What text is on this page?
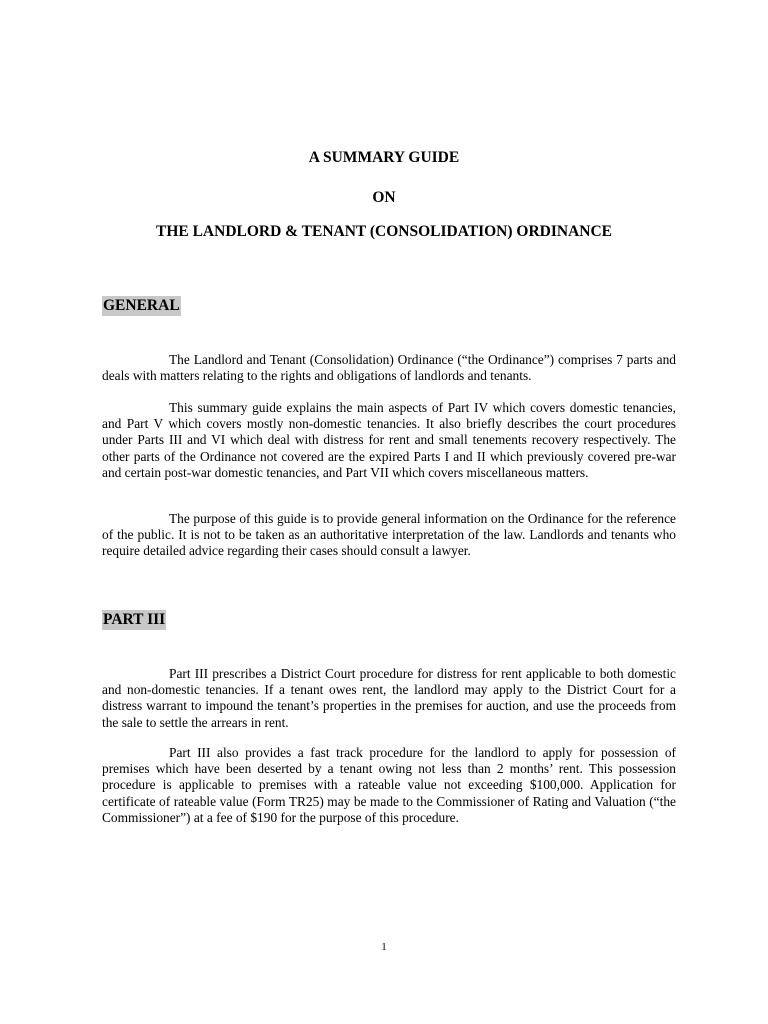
A SUMMARY GUIDE

ON

THE LANDLORD & TENANT (CONSOLIDATION) ORDINANCE

GENERAL

The Landlord and Tenant (Consolidation) Ordinance (“the Ordinance”) comprises 7 parts and deals with matters relating to the rights and obligations of landlords and tenants.

This summary guide explains the main aspects of Part IV which covers domestic tenancies, and Part V which covers mostly non-domestic tenancies. It also briefly describes the court procedures under Parts III and VI which deal with distress for rent and small tenements recovery respectively. The other parts of the Ordinance not covered are the expired Parts I and II which previously covered pre-war and certain post-war domestic tenancies, and Part VII which covers miscellaneous matters.

The purpose of this guide is to provide general information on the Ordinance for the reference of the public. It is not to be taken as an authoritative interpretation of the law. Landlords and tenants who require detailed advice regarding their cases should consult a lawyer.

PART III

Part III prescribes a District Court procedure for distress for rent applicable to both domestic and non-domestic tenancies. If a tenant owes rent, the landlord may apply to the District Court for a distress warrant to impound the tenant’s properties in the premises for auction, and use the proceeds from the sale to settle the arrears in rent.

Part III also provides a fast track procedure for the landlord to apply for possession of premises which have been deserted by a tenant owing not less than 2 months’ rent. This possession procedure is applicable to premises with a rateable value not exceeding $100,000. Application for certificate of rateable value (Form TR25) may be made to the Commissioner of Rating and Valuation (“the Commissioner”) at a fee of $190 for the purpose of this procedure.

1
